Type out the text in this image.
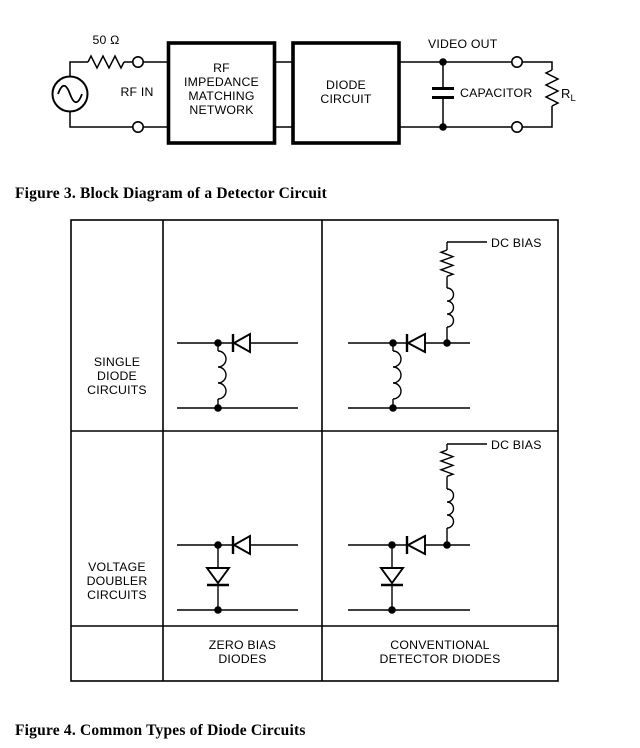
50 Ω
RF IN
RF
IMPEDANCE
MATCHING
NETWORK
DIODE
CIRCUIT
VIDEO OUT
CAPACITOR R L
Figure 3. Block Diagram of a Detector Circuit
SINGLE
DIODE
CIRCUITS
VOLTAGE
DOUBLER
CIRCUITS
ZERO BIAS
DIODES
CONVENTIONAL
DETECTOR DIODES
DC BIAS
DC BIAS
Figure 4. Common Types of Diode Circuits
